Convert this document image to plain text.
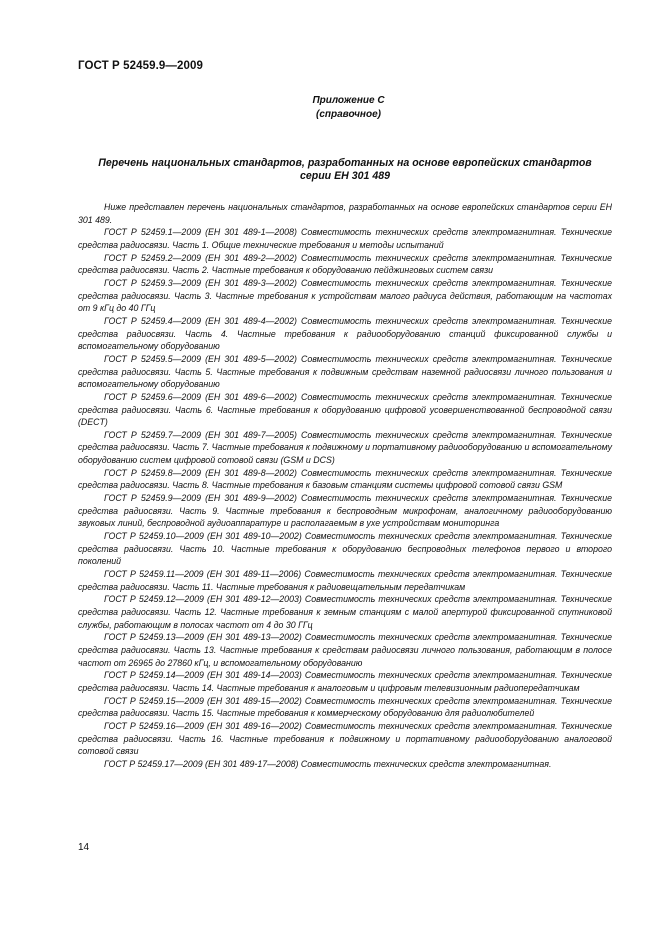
ГОСТ Р 52459.9—2009
Приложение С
(справочное)
Перечень национальных стандартов, разработанных на основе европейских стандартов
серии ЕН 301 489

Ниже представлен перечень национальных стандартов, разработанных на основе европейских стандартов серии ЕН 301 489.

ГОСТ Р 52459.1—2009 (ЕН 301 489-1—2008) Совместимость технических средств электромагнитная. Технические средства радиосвязи. Часть 1. Общие технические требования и методы испытаний

ГОСТ Р 52459.2—2009 (ЕН 301 489-2—2002) Совместимость технических средств электромагнитная. Технические средства радиосвязи. Часть 2. Частные требования к оборудованию пейджинговых систем связи

ГОСТ Р 52459.3—2009 (ЕН 301 489-3—2002) Совместимость технических средств электромагнитная. Технические средства радиосвязи. Часть 3. Частные требования к устройствам малого радиуса действия, работающим на частотах от 9 кГц до 40 ГГц

ГОСТ Р 52459.4—2009 (ЕН 301 489-4—2002) Совместимость технических средств электромагнитная. Технические средства радиосвязи. Часть 4. Частные требования к радиооборудованию станций фиксированной службы и вспомогательному оборудованию

ГОСТ Р 52459.5—2009 (ЕН 301 489-5—2002) Совместимость технических средств электромагнитная. Технические средства радиосвязи. Часть 5. Частные требования к подвижным средствам наземной радиосвязи личного пользования и вспомогательному оборудованию

ГОСТ Р 52459.6—2009 (ЕН 301 489-6—2002) Совместимость технических средств электромагнитная. Технические средства радиосвязи. Часть 6. Частные требования к оборудованию цифровой усовершенствованной беспроводной связи (DECT)

ГОСТ Р 52459.7—2009 (ЕН 301 489-7—2005) Совместимость технических средств электромагнитная. Технические средства радиосвязи. Часть 7. Частные требования к подвижному и портативному радиооборудованию и вспомогательному оборудованию систем цифровой сотовой связи (GSM и DCS)

ГОСТ Р 52459.8—2009 (ЕН 301 489-8—2002) Совместимость технических средств электромагнитная. Технические средства радиосвязи. Часть 8. Частные требования к базовым станциям системы цифровой сотовой связи GSM

ГОСТ Р 52459.9—2009 (ЕН 301 489-9—2002) Совместимость технических средств электромагнитная. Технические средства радиосвязи. Часть 9. Частные требования к беспроводным микрофонам, аналогичному радиооборудованию звуковых линий, беспроводной аудиоаппаратуре и располагаемым в ухе устройствам мониторинга

ГОСТ Р 52459.10—2009 (ЕН 301 489-10—2002) Совместимость технических средств электромагнитная. Технические средства радиосвязи. Часть 10. Частные требования к оборудованию беспроводных телефонов первого и второго поколений

ГОСТ Р 52459.11—2009 (ЕН 301 489-11—2006) Совместимость технических средств электромагнитная. Технические средства радиосвязи. Часть 11. Частные требования к радиовещательным передатчикам

ГОСТ Р 52459.12—2009 (ЕН 301 489-12—2003) Совместимость технических средств электромагнитная. Технические средства радиосвязи. Часть 12. Частные требования к земным станциям с малой апертурой фиксированной спутниковой службы, работающим в полосах частот от 4 до 30 ГГц

ГОСТ Р 52459.13—2009 (ЕН 301 489-13—2002) Совместимость технических средств электромагнитная. Технические средства радиосвязи. Часть 13. Частные требования к средствам радиосвязи личного пользования, работающим в полосе частот от 26965 до 27860 кГц, и вспомогательному оборудованию

ГОСТ Р 52459.14—2009 (ЕН 301 489-14—2003) Совместимость технических средств электромагнитная. Технические средства радиосвязи. Часть 14. Частные требования к аналоговым и цифровым телевизионным радиопередатчикам

ГОСТ Р 52459.15—2009 (ЕН 301 489-15—2002) Совместимость технических средств электромагнитная. Технические средства радиосвязи. Часть 15. Частные требования к коммерческому оборудованию для радиолюбителей

ГОСТ Р 52459.16—2009 (ЕН 301 489-16—2002) Совместимость технических средств электромагнитная. Технические средства радиосвязи. Часть 16. Частные требования к подвижному и портативному радиооборудованию аналоговой сотовой связи

ГОСТ Р 52459.17—2009 (ЕН 301 489-17—2008) Совместимость технических средств электромагнитная.

14
